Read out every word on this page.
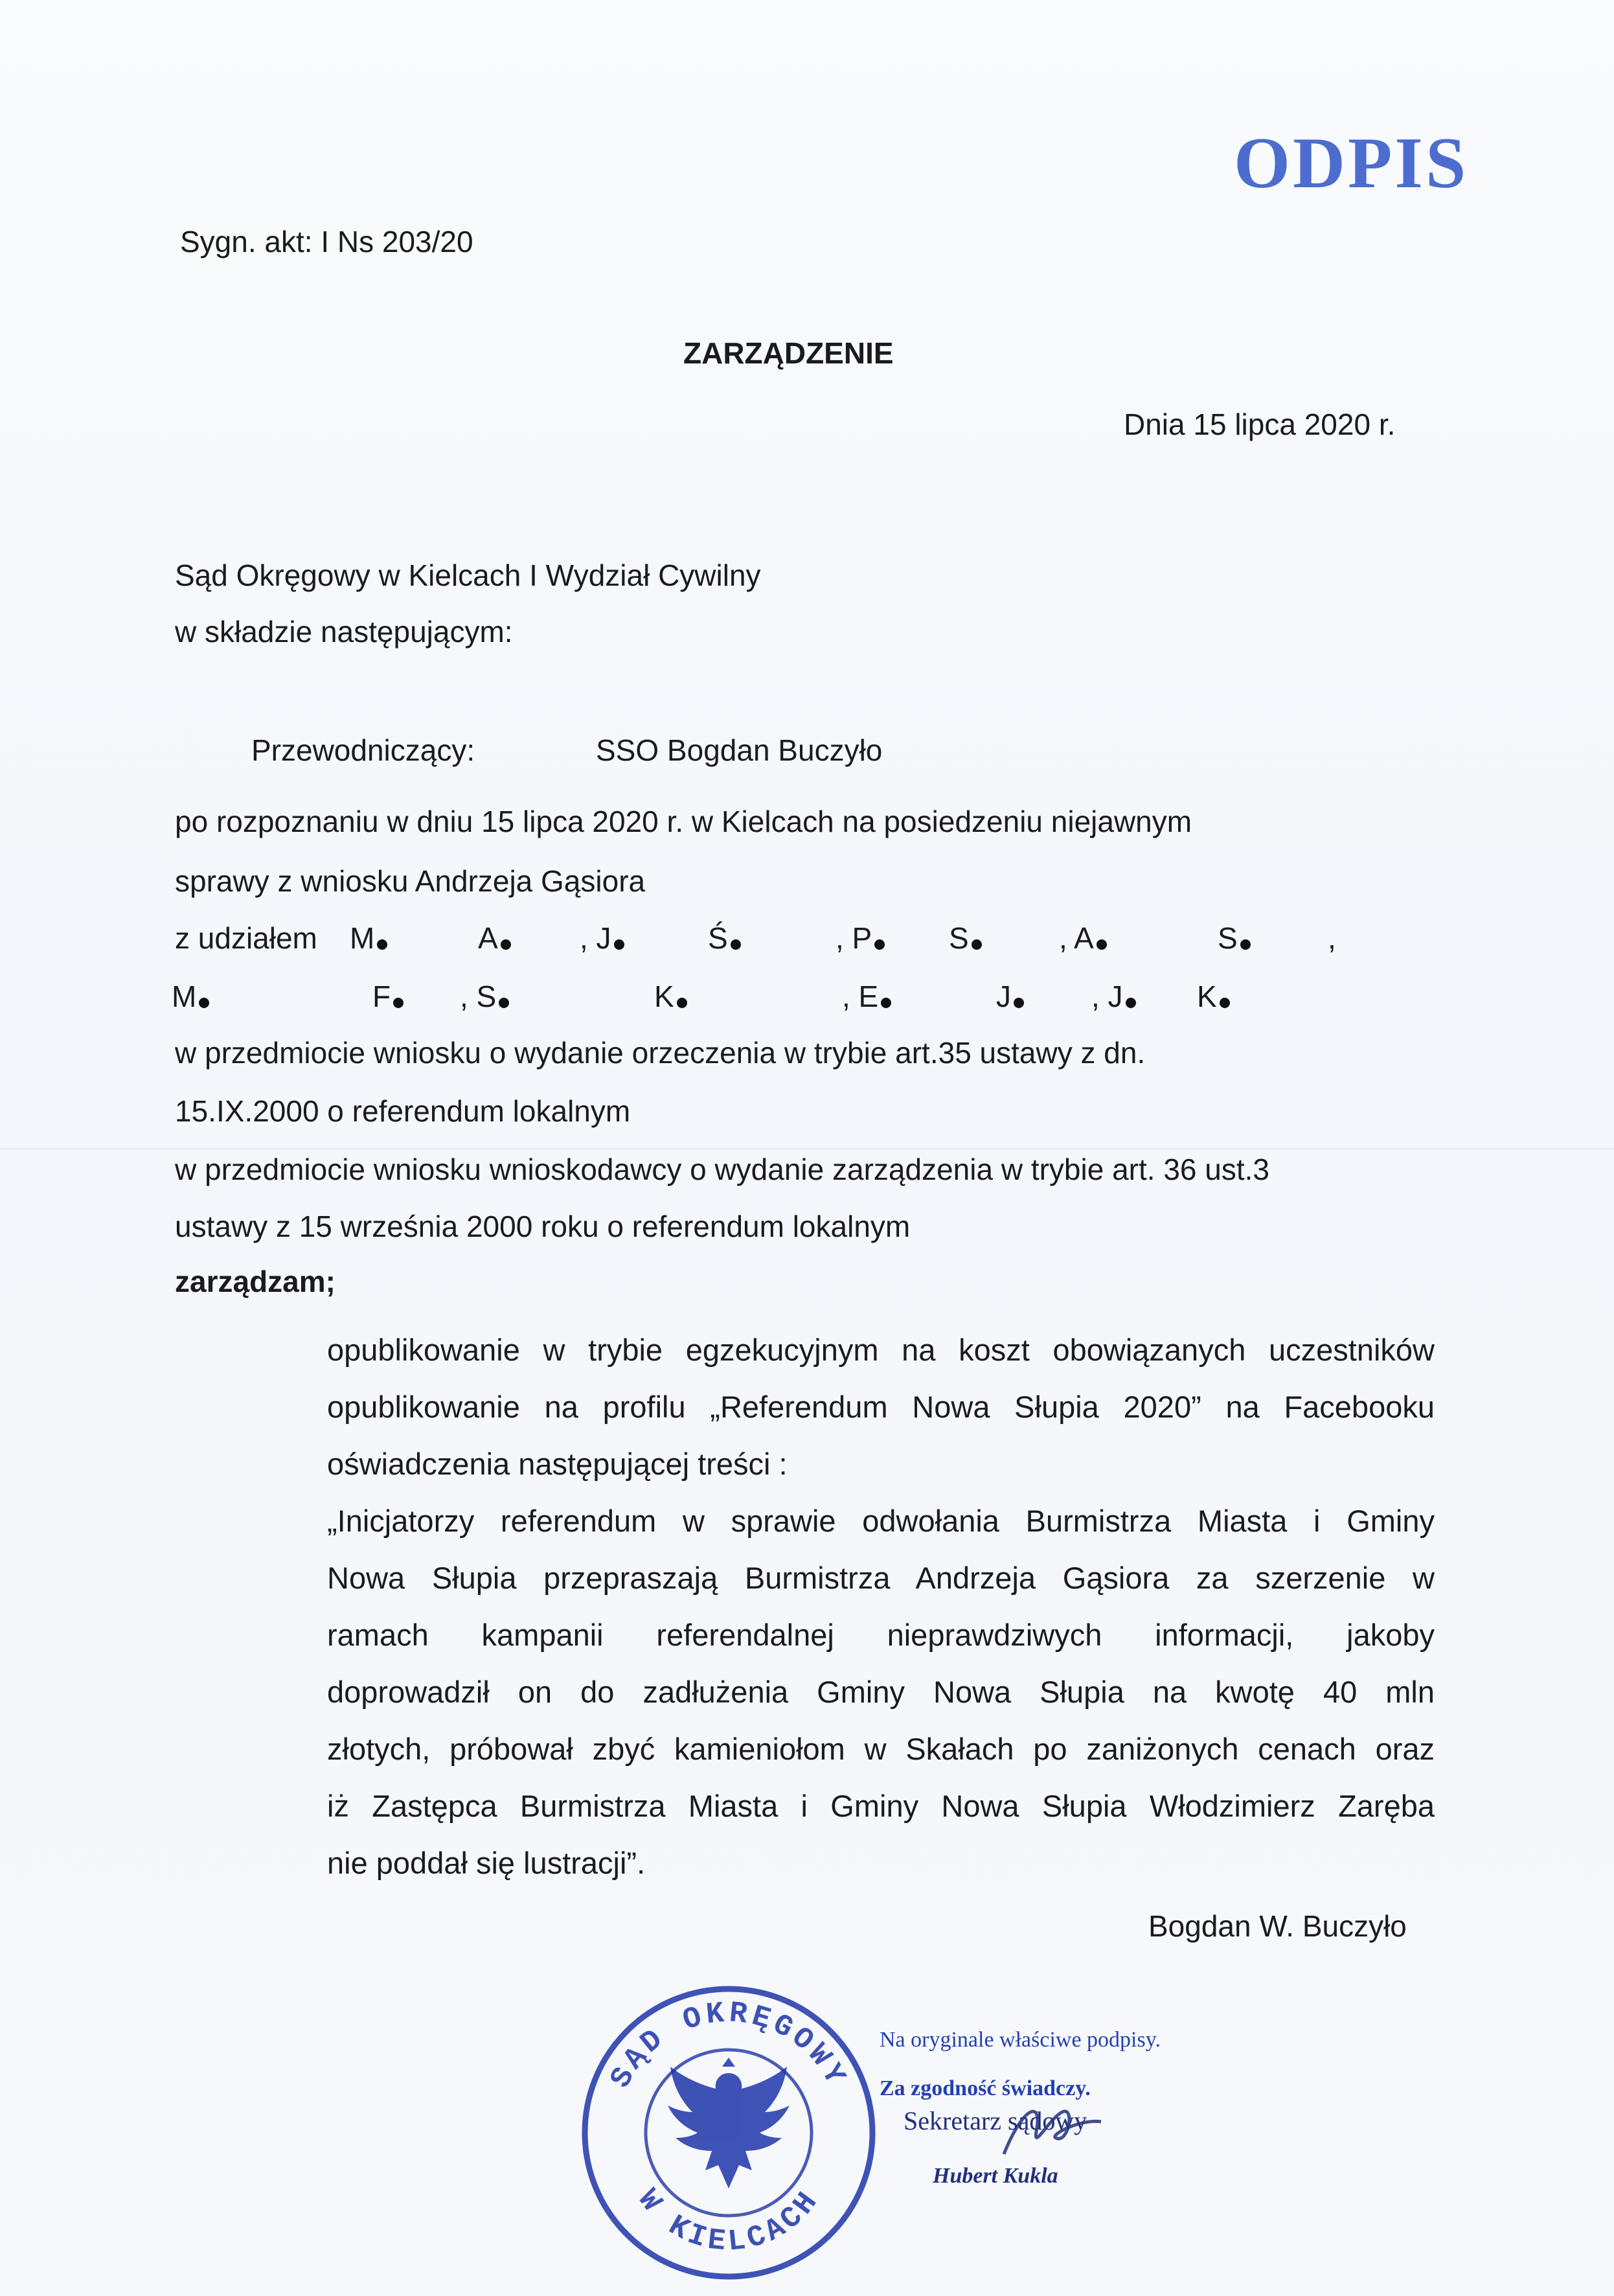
ODPIS
Sygn. akt: I Ns 203/20
ZARZĄDZENIE
Dnia 15 lipca 2020 r.
Sąd Okręgowy w Kielcach I Wydział Cywilny
w składzie następującym:
Przewodniczący:	SSO Bogdan Buczyło
po rozpoznaniu w dniu 15 lipca 2020 r. w Kielcach na posiedzeniu niejawnym
sprawy z wniosku Andrzeja Gąsiora
z udziałem M	A	, J	Ś	, P	S	, A	S	,
M	F	, S	K	, E	J	, J	K
w przedmiocie wniosku o wydanie orzeczenia w trybie art.35 ustawy z dn.
15.IX.2000 o referendum lokalnym
w przedmiocie wniosku wnioskodawcy o wydanie zarządzenia w trybie art. 36 ust.3
ustawy z 15 września 2000 roku o referendum lokalnym
zarządzam;
opublikowanie w trybie egzekucyjnym na koszt obowiązanych uczestników
opublikowanie na profilu „Referendum Nowa Słupia 2020” na Facebooku
oświadczenia następującej treści :
„Inicjatorzy referendum w sprawie odwołania Burmistrza Miasta i Gminy
Nowa Słupia przepraszają Burmistrza Andrzeja Gąsiora za szerzenie w
ramach kampanii referendalnej nieprawdziwych informacji, jakoby
doprowadził on do zadłużenia Gminy Nowa Słupia na kwotę 40 mln
złotych, próbował zbyć kamieniołom w Skałach po zaniżonych cenach oraz
iż Zastępca Burmistrza Miasta i Gminy Nowa Słupia Włodzimierz Zaręba
nie poddał się lustracji”.
Bogdan W. Buczyło
SĄD OKRĘGOWY
W KIELCACH
Na oryginale właściwe podpisy.
Za zgodność świadczy.
Sekretarz sądowy
Hubert Kukla
